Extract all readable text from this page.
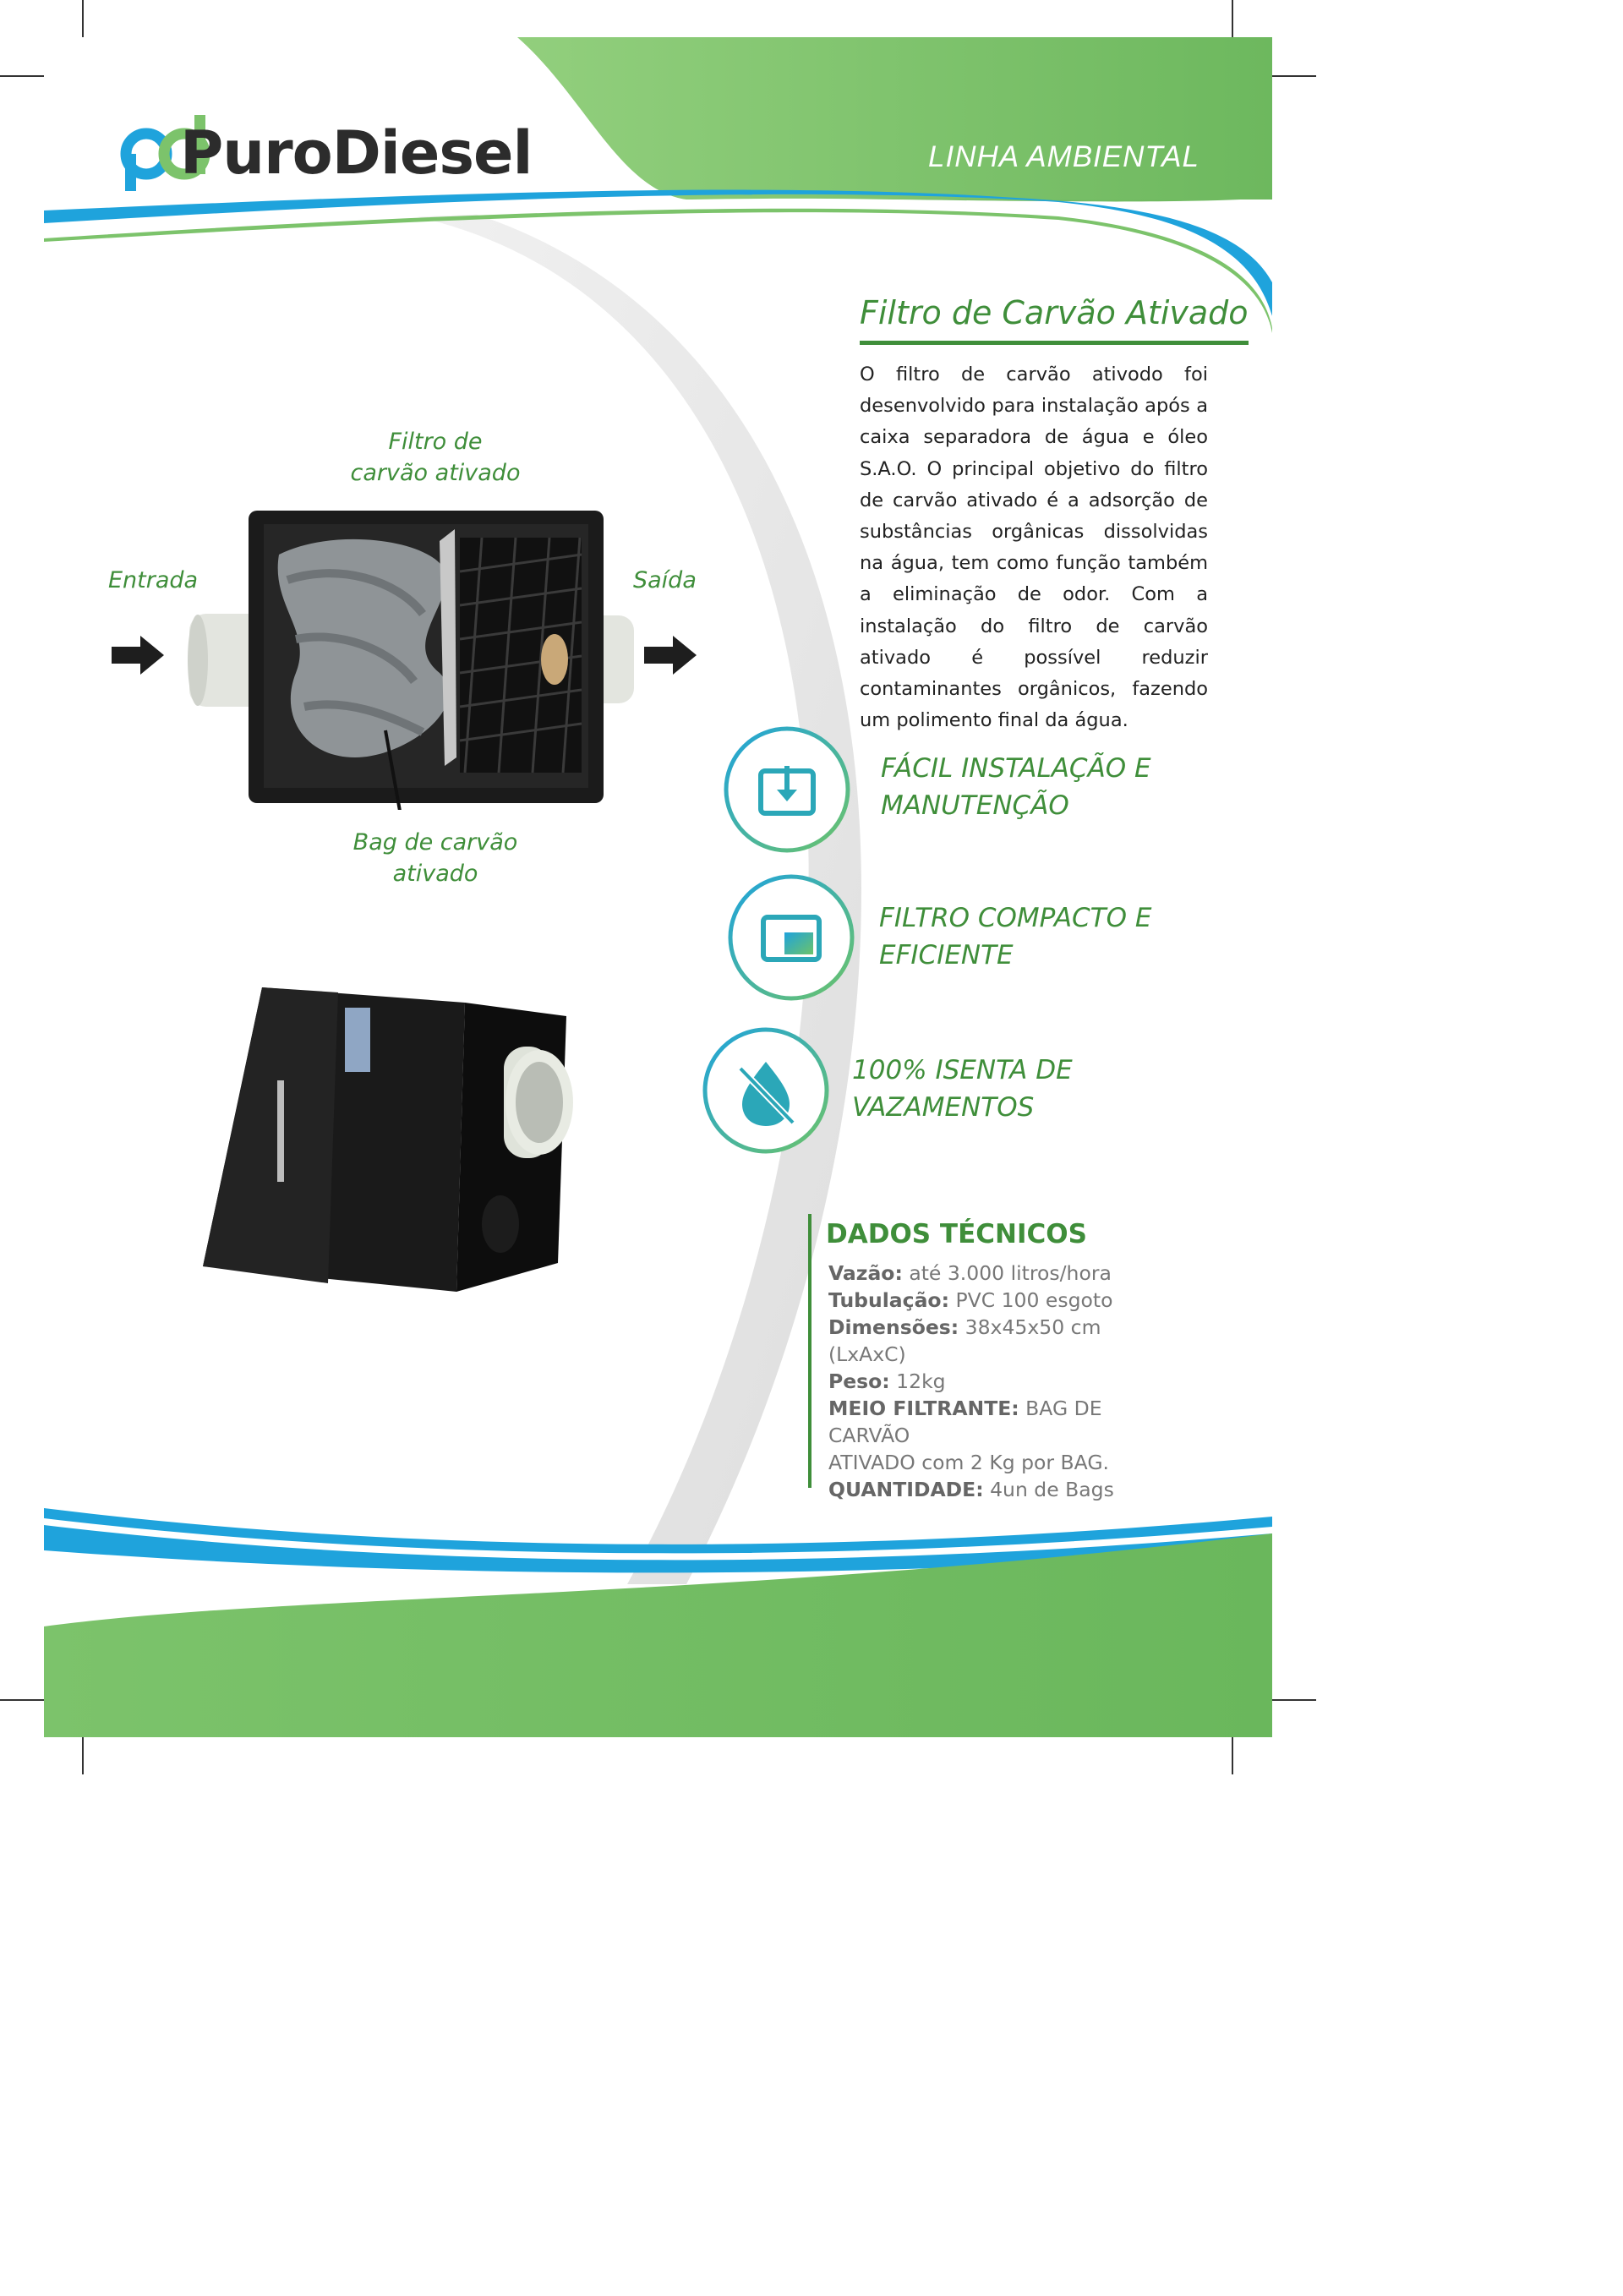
PuroDiesel	LINHA AMBIENTAL
Filtro de Carvão Ativado
O filtro de carvão ativodo foi desenvolvido para instalação após a caixa separadora de água e óleo S.A.O. O principal objetivo do filtro de carvão ativado é a adsorção de substâncias orgânicas dissolvidas na água, tem como função também a eliminação de odor. Com a instalação do filtro de carvão ativado é possível reduzir contaminantes orgânicos, fazendo um polimento final da água.
Filtro de
carvão ativado
Entrada	Saída
Bag de carvão
ativado
FÁCIL INSTALAÇÃO E
MANUTENÇÃO
FILTRO COMPACTO E
EFICIENTE
100% ISENTA DE
VAZAMENTOS
DADOS TÉCNICOS
Vazão: até 3.000 litros/hora
Tubulação: PVC 100 esgoto
Dimensões: 38x45x50 cm (LxAxC)
Peso: 12kg
MEIO FILTRANTE: BAG DE CARVÃO
ATIVADO com 2 Kg por BAG.
QUANTIDADE: 4un de Bags
